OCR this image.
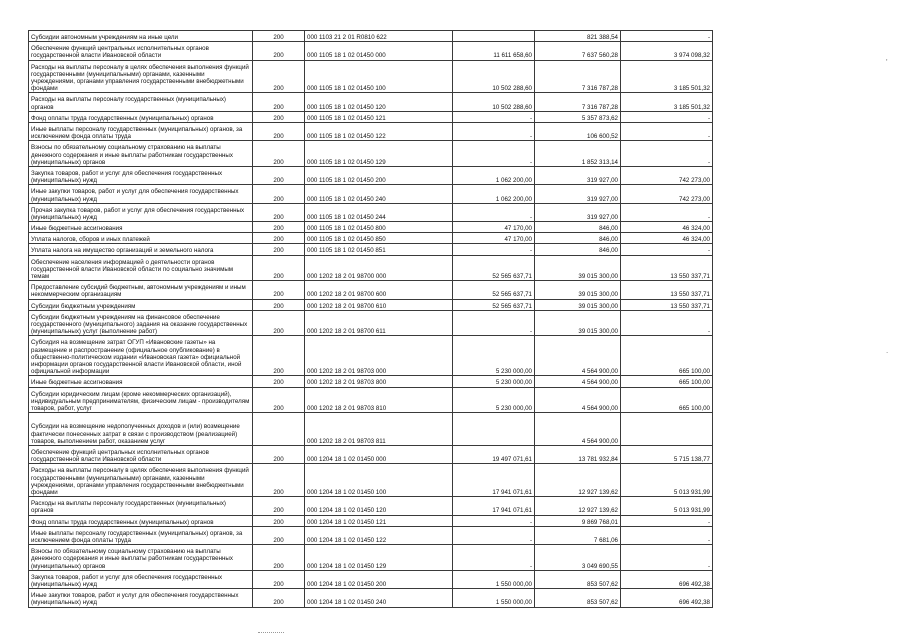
Субсидии автономным учреждениям на иные цели	200	000 1103 21 2 01 R0810 622		821 388,54	-
Обеспечение функций центральных исполнительных органов государственной власти Ивановской области	200	000 1105 18 1 02 01450 000	11 611 658,60	7 637 560,28	3 974 098,32
Расходы на выплаты персоналу в целях обеспечения выполнения функций государственными (муниципальными) органами, казенными учреждениями, органами управления государственными внебюджетными фондами	200	000 1105 18 1 02 01450 100	10 502 288,60	7 316 787,28	3 185 501,32
Расходы на выплаты персоналу государственных (муниципальных) органов	200	000 1105 18 1 02 01450 120	10 502 288,60	7 316 787,28	3 185 501,32
Фонд оплаты труда государственных (муниципальных) органов	200	000 1105 18 1 02 01450 121	-	5 357 873,62	-
Иные выплаты персоналу государственных (муниципальных) органов, за исключением фонда оплаты труда	200	000 1105 18 1 02 01450 122	-	106 600,52	-
Взносы по обязательному социальному страхованию на выплаты денежного содержания и иные выплаты работникам государственных (муниципальных) органов	200	000 1105 18 1 02 01450 129	-	1 852 313,14	-
Закупка товаров, работ и услуг для обеспечения государственных (муниципальных) нужд	200	000 1105 18 1 02 01450 200	1 062 200,00	319 927,00	742 273,00
Иные закупки товаров, работ и услуг для обеспечения государственных (муниципальных) нужд	200	000 1105 18 1 02 01450 240	1 062 200,00	319 927,00	742 273,00
Прочая закупка товаров, работ и услуг для обеспечения государственных (муниципальных) нужд	200	000 1105 18 1 02 01450 244	-	319 927,00	-
Иные бюджетные ассигнования	200	000 1105 18 1 02 01450 800	47 170,00	846,00	46 324,00
Уплата налогов, сборов и иных платежей	200	000 1105 18 1 02 01450 850	47 170,00	846,00	46 324,00
Уплата налога на имущество организаций и земельного налога	200	000 1105 18 1 02 01450 851	-	846,00	-
Обеспечение населения информацией о деятельности органов государственной власти Ивановской области по социально значимым темам	200	000 1202 18 2 01 98700 000	52 565 637,71	39 015 300,00	13 550 337,71
Предоставление субсидий бюджетным, автономным учреждениям и иным некоммерческим организациям	200	000 1202 18 2 01 98700 600	52 565 637,71	39 015 300,00	13 550 337,71
Субсидии бюджетным учреждениям	200	000 1202 18 2 01 98700 610	52 565 637,71	39 015 300,00	13 550 337,71
Субсидии бюджетным учреждениям на финансовое обеспечение государственного (муниципального) задания на оказание государственных (муниципальных) услуг (выполнение работ)	200	000 1202 18 2 01 98700 611	-	39 015 300,00	-
Субсидия на возмещение затрат ОГУП «Ивановские газеты» на размещение и распространение (официальное опубликование) в общественно-политическом издании «Ивановская газета» официальной информации органов государственной власти Ивановской области, иной официальной информации	200	000 1202 18 2 01 98703 000	5 230 000,00	4 564 900,00	665 100,00
Иные бюджетные ассигнования	200	000 1202 18 2 01 98703 800	5 230 000,00	4 564 900,00	665 100,00
Субсидии юридическим лицам (кроме некоммерческих организаций), индивидуальным предпринимателям, физическим лицам - производителям товаров, работ, услуг	200	000 1202 18 2 01 98703 810	5 230 000,00	4 564 900,00	665 100,00
Субсидии на возмещение недополученных доходов и (или) возмещение фактически понесенных затрат в связи с производством (реализацией) товаров, выполнением работ, оказанием услуг		000 1202 18 2 01 98703 811		4 564 900,00	
Обеспечение функций центральных исполнительных органов государственной власти Ивановской области	200	000 1204 18 1 02 01450 000	19 497 071,61	13 781 932,84	5 715 138,77
Расходы на выплаты персоналу в целях обеспечения выполнения функций государственными (муниципальными) органами, казенными учреждениями, органами управления государственными внебюджетными фондами	200	000 1204 18 1 02 01450 100	17 941 071,61	12 927 139,62	5 013 931,99
Расходы на выплаты персоналу государственных (муниципальных) органов	200	000 1204 18 1 02 01450 120	17 941 071,61	12 927 139,62	5 013 931,99
Фонд оплаты труда государственных (муниципальных) органов	200	000 1204 18 1 02 01450 121	-	9 869 768,01	-
Иные выплаты персоналу государственных (муниципальных) органов, за исключением фонда оплаты труда	200	000 1204 18 1 02 01450 122	-	7 681,06	-
Взносы по обязательному социальному страхованию на выплаты денежного содержания и иные выплаты работникам государственных (муниципальных) органов	200	000 1204 18 1 02 01450 129	-	3 049 690,55	-
Закупка товаров, работ и услуг для обеспечения государственных (муниципальных) нужд	200	000 1204 18 1 02 01450 200	1 550 000,00	853 507,62	696 492,38
Иные закупки товаров, работ и услуг для обеспечения государственных (муниципальных) нужд	200	000 1204 18 1 02 01450 240	1 550 000,00	853 507,62	696 492,38
'
.
